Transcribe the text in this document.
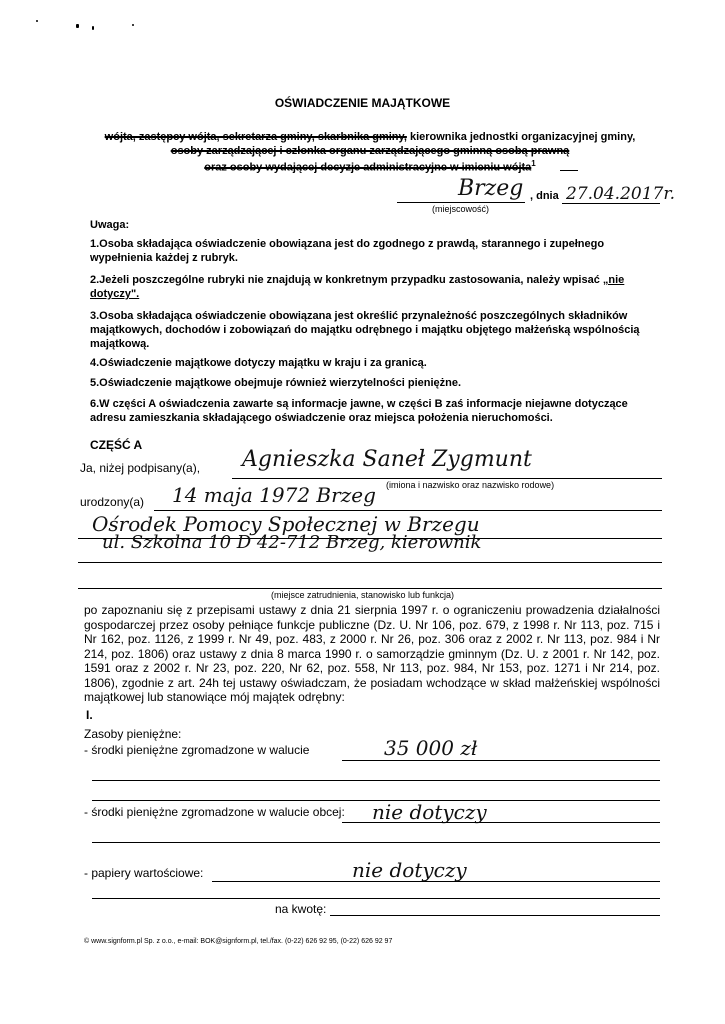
OŚWIADCZENIE MAJĄTKOWE
wójta, zastępcy wójta, sekretarza gminy, skarbnika gminy, kierownika jednostki organizacyjnej gminy,
osoby zarządzającej i członka organu zarządzającego gminną osobą prawną
oraz osoby wydającej decyzje administracyjne w imieniu wójta$^1$
Brzeg
(miejscowość)
, dnia 27.04.2017r.
Uwaga:
1.Osoba składająca oświadczenie obowiązana jest do zgodnego z prawdą, starannego i zupełnego wypełnienia każdej z rubryk.
2.Jeżeli poszczególne rubryki nie znajdują w konkretnym przypadku zastosowania, należy wpisać „nie dotyczy".
3.Osoba składająca oświadczenie obowiązana jest określić przynależność poszczególnych składników majątkowych, dochodów i zobowiązań do majątku odrębnego i majątku objętego małżeńską wspólnością majątkową.
4.Oświadczenie majątkowe dotyczy majątku w kraju i za granicą.
5.Oświadczenie majątkowe obejmuje również wierzytelności pieniężne.
6.W części A oświadczenia zawarte są informacje jawne, w części B zaś informacje niejawne dotyczące adresu zamieszkania składającego oświadczenie oraz miejsca położenia nieruchomości.
CZĘŚĆ A
Ja, niżej podpisany(a), Agnieszka Saneł Zygmunt
(imiona i nazwisko oraz nazwisko rodowe)
urodzony(a) 14 maja 1972 Brzeg
Ośrodek Pomocy Społecznej w Brzegu
ul. Szkolna 10 D 42-712 Brzeg, kierownik
(miejsce zatrudnienia, stanowisko lub funkcja)
po zapoznaniu się z przepisami ustawy z dnia 21 sierpnia 1997 r. o ograniczeniu prowadzenia działalności gospodarczej przez osoby pełniące funkcje publiczne (Dz. U. Nr 106, poz. 679, z 1998 r. Nr 113, poz. 715 i Nr 162, poz. 1126, z 1999 r. Nr 49, poz. 483, z 2000 r. Nr 26, poz. 306 oraz z 2002 r. Nr 113, poz. 984 i Nr 214, poz. 1806) oraz ustawy z dnia 8 marca 1990 r. o samorządzie gminnym (Dz. U. z 2001 r. Nr 142, poz. 1591 oraz z 2002 r. Nr 23, poz. 220, Nr 62, poz. 558, Nr 113, poz. 984, Nr 153, poz. 1271 i Nr 214, poz. 1806), zgodnie z art. 24h tej ustawy oświadczam, że posiadam wchodzące w skład małżeńskiej wspólności majątkowej lub stanowiące mój majątek odrębny:
I.
Zasoby pieniężne:
- środki pieniężne zgromadzone w walucie	35 000 zł
- środki pieniężne zgromadzone w walucie obcej: nie dotyczy
- papiery wartościowe:	nie dotyczy
na kwotę:
© www.signform.pl Sp. z o.o., e-mail: BOK@signform.pl, tel./fax. (0-22) 626 92 95, (0-22) 626 92 97
